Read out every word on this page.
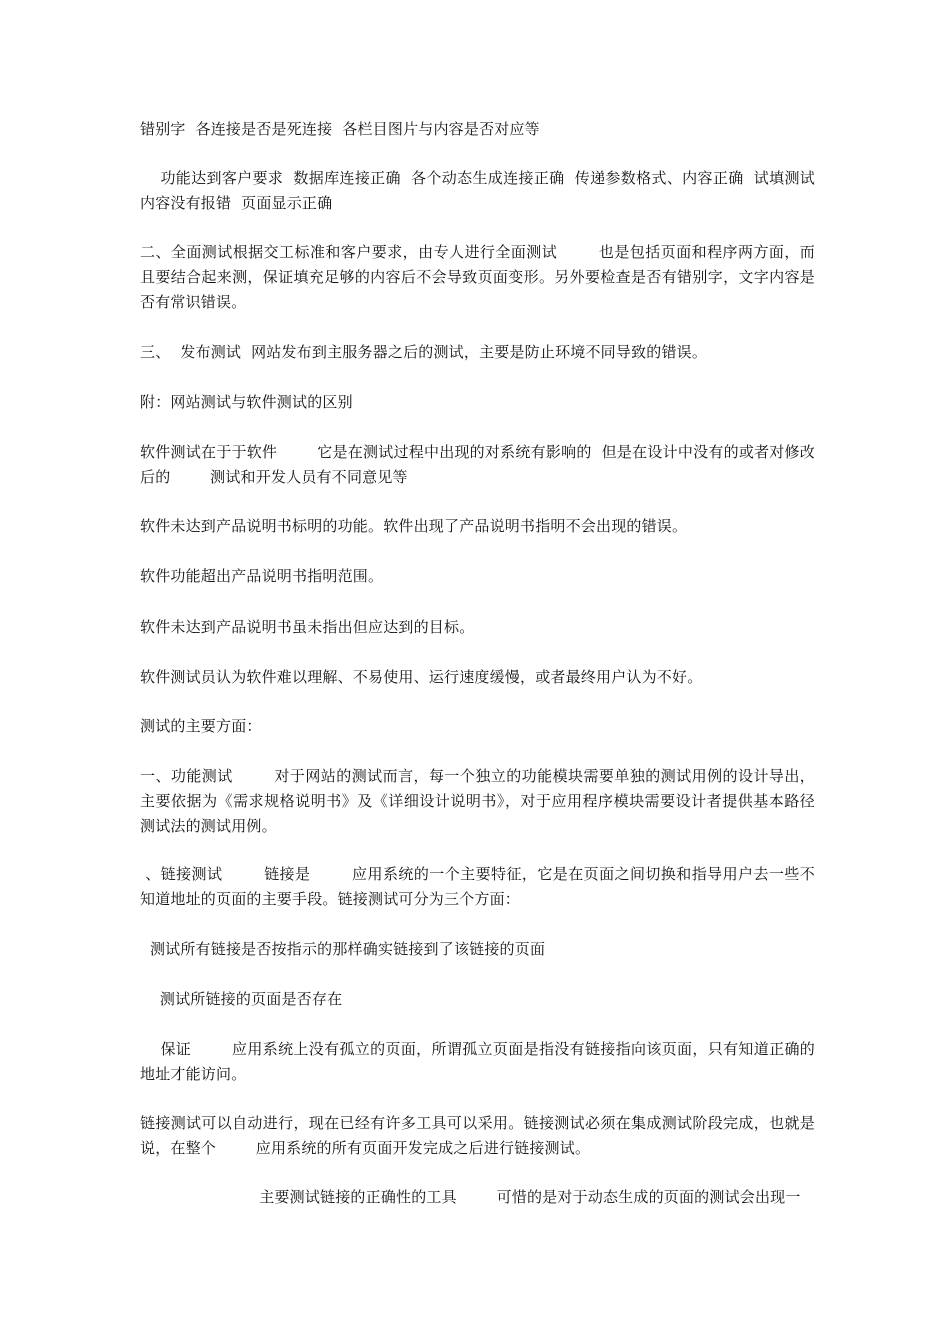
错别字  各连接是否是死连接  各栏目图片与内容是否对应等

功能达到客户要求  数据库连接正确  各个动态生成连接正确  传递参数格式、内容正确  试填测试内容没有报错  页面显示正确

二、全面测试根据交工标准和客户要求，由专人进行全面测试        也是包括页面和程序两方面，而且要结合起来测，保证填充足够的内容后不会导致页面变形。另外要检查是否有错别字，文字内容是否有常识错误。

三、  发布测试  网站发布到主服务器之后的测试，主要是防止环境不同导致的错误。

附：网站测试与软件测试的区别

软件测试在于于软件        它是在测试过程中出现的对系统有影响的  但是在设计中没有的或者对修改后的        测试和开发人员有不同意见等

软件未达到产品说明书标明的功能。软件出现了产品说明书指明不会出现的错误。

软件功能超出产品说明书指明范围。

软件未达到产品说明书虽未指出但应达到的目标。

软件测试员认为软件难以理解、不易使用、运行速度缓慢，或者最终用户认为不好。

测试的主要方面：

一、功能测试        对于网站的测试而言，每一个独立的功能模块需要单独的测试用例的设计导出，主要依据为《需求规格说明书》及《详细设计说明书》，对于应用程序模块需要设计者提供基本路径测试法的测试用例。

、链接测试        链接是        应用系统的一个主要特征，它是在页面之间切换和指导用户去一些不知道地址的页面的主要手段。链接测试可分为三个方面：

测试所有链接是否按指示的那样确实链接到了该链接的页面

测试所链接的页面是否存在

保证        应用系统上没有孤立的页面，所谓孤立页面是指没有链接指向该页面，只有知道正确的        地址才能访问。

链接测试可以自动进行，现在已经有许多工具可以采用。链接测试必须在集成测试阶段完成，也就是说，在整个        应用系统的所有页面开发完成之后进行链接测试。

主要测试链接的正确性的工具        可惜的是对于动态生成的页面的测试会出现一
